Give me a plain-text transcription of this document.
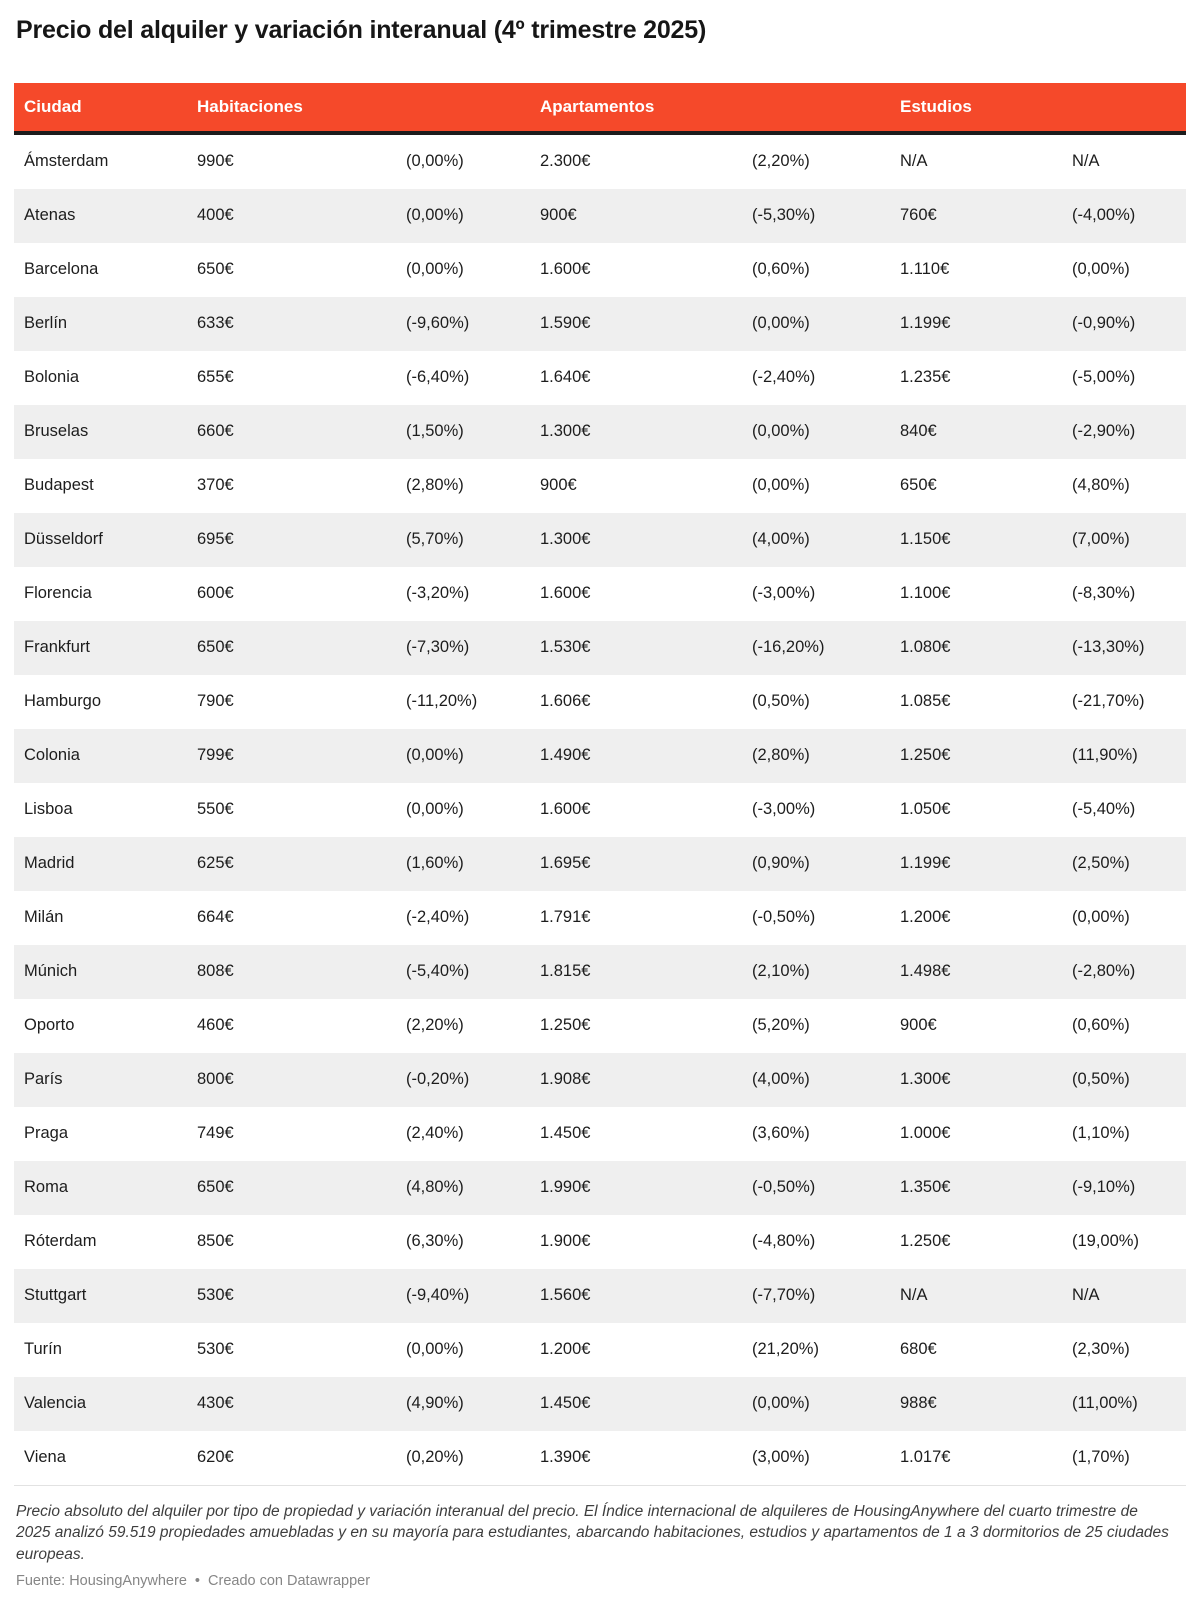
Precio del alquiler y variación interanual (4º trimestre 2025)
Ciudad	Habitaciones		Apartamentos		Estudios	
Ámsterdam	990€	(0,00%)	2.300€	(2,20%)	N/A	N/A
Atenas	400€	(0,00%)	900€	(-5,30%)	760€	(-4,00%)
Barcelona	650€	(0,00%)	1.600€	(0,60%)	1.110€	(0,00%)
Berlín	633€	(-9,60%)	1.590€	(0,00%)	1.199€	(-0,90%)
Bolonia	655€	(-6,40%)	1.640€	(-2,40%)	1.235€	(-5,00%)
Bruselas	660€	(1,50%)	1.300€	(0,00%)	840€	(-2,90%)
Budapest	370€	(2,80%)	900€	(0,00%)	650€	(4,80%)
Düsseldorf	695€	(5,70%)	1.300€	(4,00%)	1.150€	(7,00%)
Florencia	600€	(-3,20%)	1.600€	(-3,00%)	1.100€	(-8,30%)
Frankfurt	650€	(-7,30%)	1.530€	(-16,20%)	1.080€	(-13,30%)
Hamburgo	790€	(-11,20%)	1.606€	(0,50%)	1.085€	(-21,70%)
Colonia	799€	(0,00%)	1.490€	(2,80%)	1.250€	(11,90%)
Lisboa	550€	(0,00%)	1.600€	(-3,00%)	1.050€	(-5,40%)
Madrid	625€	(1,60%)	1.695€	(0,90%)	1.199€	(2,50%)
Milán	664€	(-2,40%)	1.791€	(-0,50%)	1.200€	(0,00%)
Múnich	808€	(-5,40%)	1.815€	(2,10%)	1.498€	(-2,80%)
Oporto	460€	(2,20%)	1.250€	(5,20%)	900€	(0,60%)
París	800€	(-0,20%)	1.908€	(4,00%)	1.300€	(0,50%)
Praga	749€	(2,40%)	1.450€	(3,60%)	1.000€	(1,10%)
Roma	650€	(4,80%)	1.990€	(-0,50%)	1.350€	(-9,10%)
Róterdam	850€	(6,30%)	1.900€	(-4,80%)	1.250€	(19,00%)
Stuttgart	530€	(-9,40%)	1.560€	(-7,70%)	N/A	N/A
Turín	530€	(0,00%)	1.200€	(21,20%)	680€	(2,30%)
Valencia	430€	(4,90%)	1.450€	(0,00%)	988€	(11,00%)
Viena	620€	(0,20%)	1.390€	(3,00%)	1.017€	(1,70%)

Precio absoluto del alquiler por tipo de propiedad y variación interanual del precio. El Índice internacional de alquileres de HousingAnywhere del cuarto trimestre de 2025 analizó 59.519 propiedades amuebladas y en su mayoría para estudiantes, abarcando habitaciones, estudios y apartamentos de 1 a 3 dormitorios de 25 ciudades europeas.

Fuente: HousingAnywhere • Creado con Datawrapper
